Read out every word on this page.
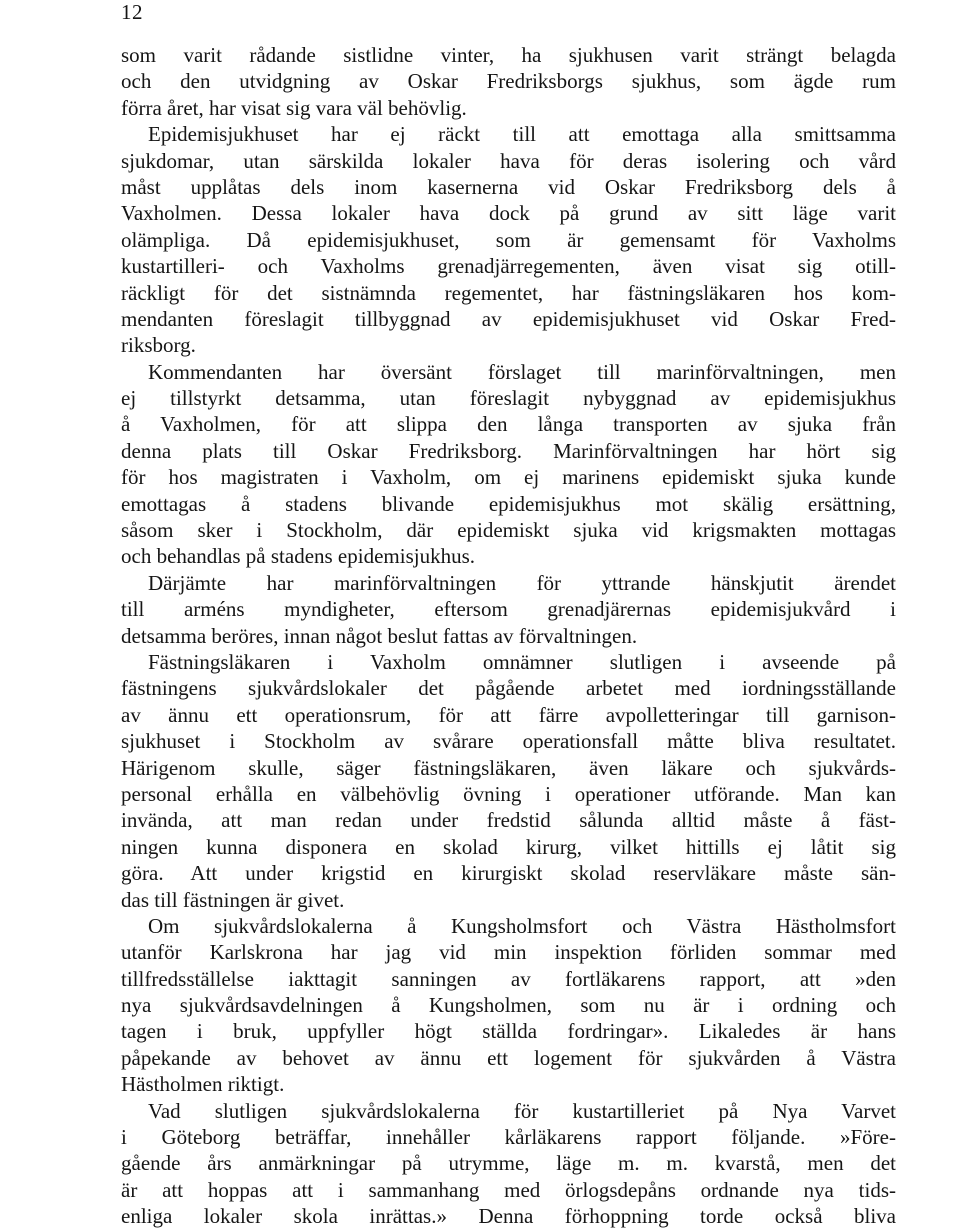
12
som varit rådande sistlidne vinter, ha sjukhusen varit strängt belagda
och den utvidgning av Oskar Fredriksborgs sjukhus, som ägde rum
förra året, har visat sig vara väl behövlig.
Epidemisjukhuset har ej räckt till att emottaga alla smittsamma
sjukdomar, utan särskilda lokaler hava för deras isolering och vård
måst upplåtas dels inom kasernerna vid Oskar Fredriksborg dels å
Vaxholmen. Dessa lokaler hava dock på grund av sitt läge varit
olämpliga. Då epidemisjukhuset, som är gemensamt för Vaxholms
kustartilleri- och Vaxholms grenadjärregementen, även visat sig otill-
räckligt för det sistnämnda regementet, har fästningsläkaren hos kom-
mendanten föreslagit tillbyggnad av epidemisjukhuset vid Oskar Fred-
riksborg.
Kommendanten har översänt förslaget till marinförvaltningen, men
ej tillstyrkt detsamma, utan föreslagit nybyggnad av epidemisjukhus
å Vaxholmen, för att slippa den långa transporten av sjuka från
denna plats till Oskar Fredriksborg. Marinförvaltningen har hört sig
för hos magistraten i Vaxholm, om ej marinens epidemiskt sjuka kunde
emottagas å stadens blivande epidemisjukhus mot skälig ersättning,
såsom sker i Stockholm, där epidemiskt sjuka vid krigsmakten mottagas
och behandlas på stadens epidemisjukhus.
Därjämte har marinförvaltningen för yttrande hänskjutit ärendet
till arméns myndigheter, eftersom grenadjärernas epidemisjukvård i
detsamma beröres, innan något beslut fattas av förvaltningen.
Fästningsläkaren i Vaxholm omnämner slutligen i avseende på
fästningens sjukvårdslokaler det pågående arbetet med iordningsställande
av ännu ett operationsrum, för att färre avpolletteringar till garnison-
sjukhuset i Stockholm av svårare operationsfall måtte bliva resultatet.
Härigenom skulle, säger fästningsläkaren, även läkare och sjukvårds-
personal erhålla en välbehövlig övning i operationer utförande. Man kan
invända, att man redan under fredstid sålunda alltid måste å fäst-
ningen kunna disponera en skolad kirurg, vilket hittills ej låtit sig
göra. Att under krigstid en kirurgiskt skolad reservläkare måste sän-
das till fästningen är givet.
Om sjukvårdslokalerna å Kungsholmsfort och Västra Hästholmsfort
utanför Karlskrona har jag vid min inspektion förliden sommar med
tillfredsställelse iakttagit sanningen av fortläkarens rapport, att »den
nya sjukvårdsavdelningen å Kungsholmen, som nu är i ordning och
tagen i bruk, uppfyller högt ställda fordringar». Likaledes är hans
påpekande av behovet av ännu ett logement för sjukvården å Västra
Hästholmen riktigt.
Vad slutligen sjukvårdslokalerna för kustartilleriet på Nya Varvet
i Göteborg beträffar, innehåller kårläkarens rapport följande. »Före-
gående års anmärkningar på utrymme, läge m. m. kvarstå, men det
är att hoppas att i sammanhang med örlogsdepåns ordnande nya tids-
enliga lokaler skola inrättas.» Denna förhoppning torde också bliva
